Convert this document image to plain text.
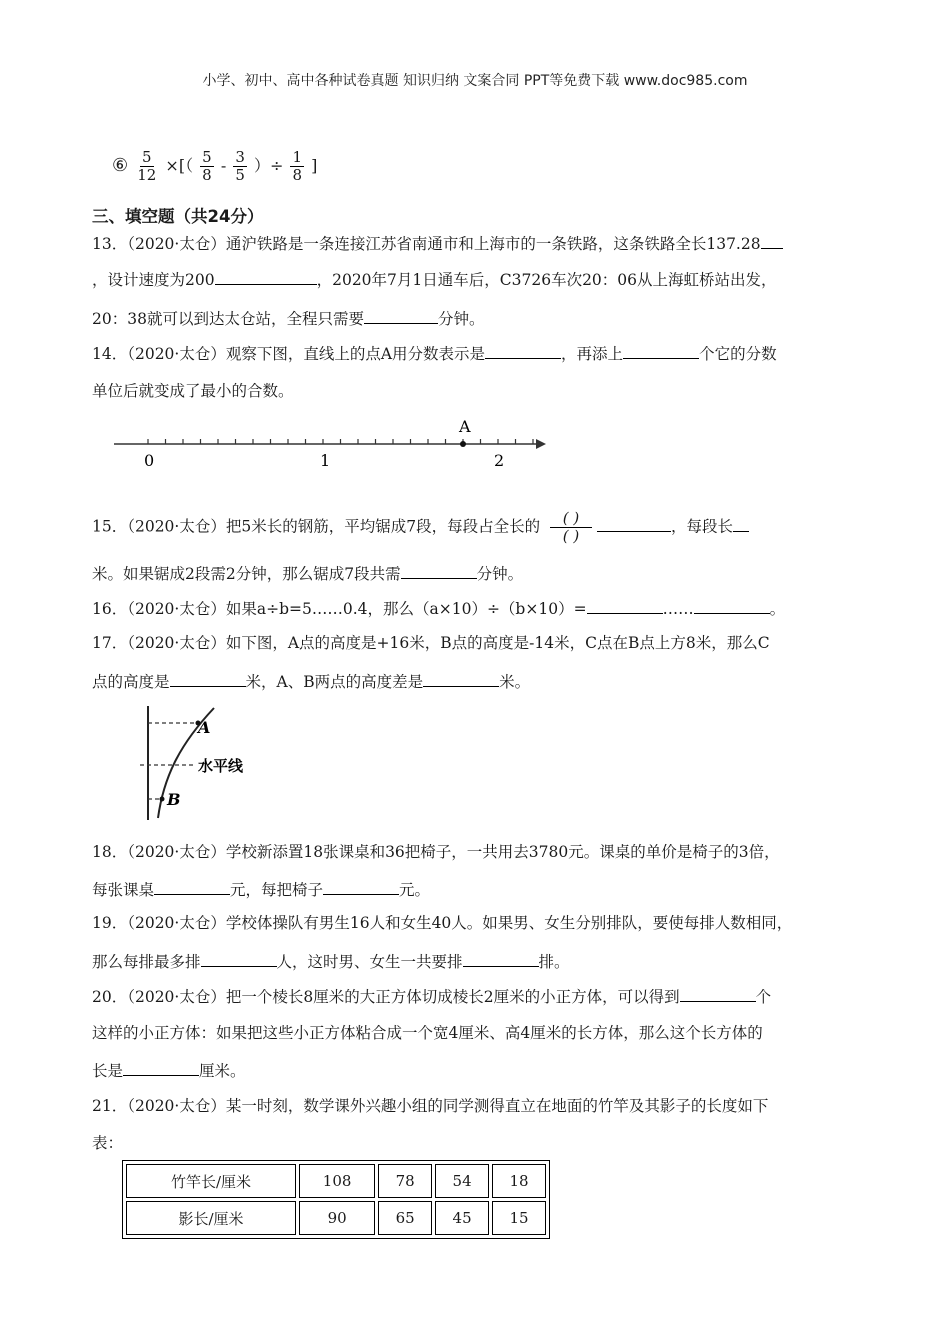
小学、初中、高中各种试卷真题 知识归纳 文案合同 PPT等免费下载 www.doc985.com
⑥ $\frac{5}{12}$ ×[（ $\frac{5}{8} - \frac{3}{5}$ ）÷ $\frac{1}{8}$ ]
三、填空题（共24分）
13．（2020·太仓）通沪铁路是一条连接江苏省南通市和上海市的一条铁路，这条铁路全长137.28
，设计速度为200	，2020年7月1日通车后，C3726车次20：06从上海虹桥站出发，
20：38就可以到达太仓站，全程只需要	分钟。
14．（2020·太仓）观察下图，直线上的点A用分数表示是	，再添上	个它的分数
单位后就变成了最小的合数。
A
0	1	2
15．（2020·太仓）把5米长的钢筋，平均锯成7段，每段占全长的 $\frac{( )}{( )}$	，每段长
米。如果锯成2段需2分钟，那么锯成7段共需	分钟。
16．（2020·太仓）如果a÷b=5……0.4，那么（a×10）÷（b×10）=	……	。
17．（2020·太仓）如下图，A点的高度是+16米，B点的高度是-14米，C点在B点上方8米，那么C
点的高度是	米，A、B两点的高度差是	米。
A
B
水平线
18．（2020·太仓）学校新添置18张课桌和36把椅子，一共用去3780元。课桌的单价是椅子的3倍，
每张课桌	元，每把椅子	元。
19．（2020·太仓）学校体操队有男生16人和女生40人。如果男、女生分别排队，要使每排人数相同，
那么每排最多排	人，这时男、女生一共要排	排。
20．（2020·太仓）把一个棱长8厘米的大正方体切成棱长2厘米的小正方体，可以得到	个
这样的小正方体：如果把这些小正方体粘合成一个宽4厘米、高4厘米的长方体，那么这个长方体的
长是	厘米。
21．（2020·太仓）某一时刻，数学课外兴趣小组的同学测得直立在地面的竹竿及其影子的长度如下
表：
竹竿长/厘米	108	78	54	18
影长/厘米	90	65	45	15
